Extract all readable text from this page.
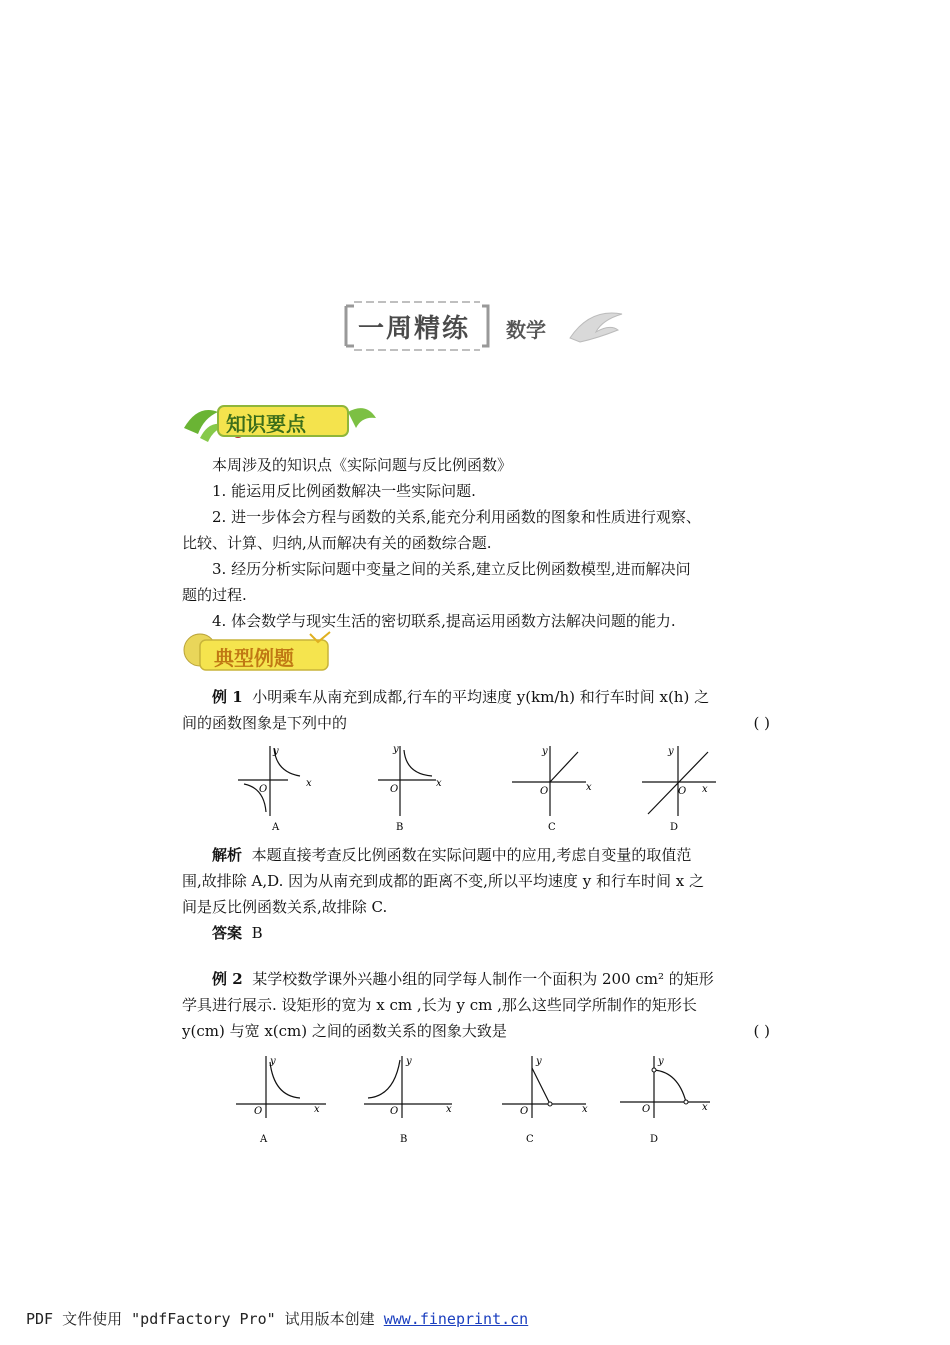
一周精练 数学
知识要点
本周涉及的知识点《实际问题与反比例函数》
1. 能运用反比例函数解决一些实际问题.
2. 进一步体会方程与函数的关系,能充分利用函数的图象和性质进行观察、
比较、计算、归纳,从而解决有关的函数综合题.
3. 经历分析实际问题中变量之间的关系,建立反比例函数模型,进而解决问
题的过程.
4. 体会数学与现实生活的密切联系,提高运用函数方法解决问题的能力.
典型例题
例 1 小明乘车从南充到成都,行车的平均速度 y(km/h) 和行车时间 x(h) 之
间的函数图象是下列中的	( )
y
x
O
A
y
x
O
B
y
x
O
C
y
x
O
D
解析 本题直接考查反比例函数在实际问题中的应用,考虑自变量的取值范
围,故排除 A,D. 因为从南充到成都的距离不变,所以平均速度 y 和行车时间 x 之
间是反比例函数关系,故排除 C.
答案 B
例 2 某学校数学课外兴趣小组的同学每人制作一个面积为 200 cm² 的矩形
学具进行展示. 设矩形的宽为 x cm ,长为 y cm ,那么这些同学所制作的矩形长
y(cm) 与宽 x(cm) 之间的函数关系的图象大致是	( )
y
x
O
A
y
x
O
B
y
x
O
C
y
x
O
D
PDF 文件使用 "pdfFactory Pro" 试用版本创建 www.fineprint.cn
